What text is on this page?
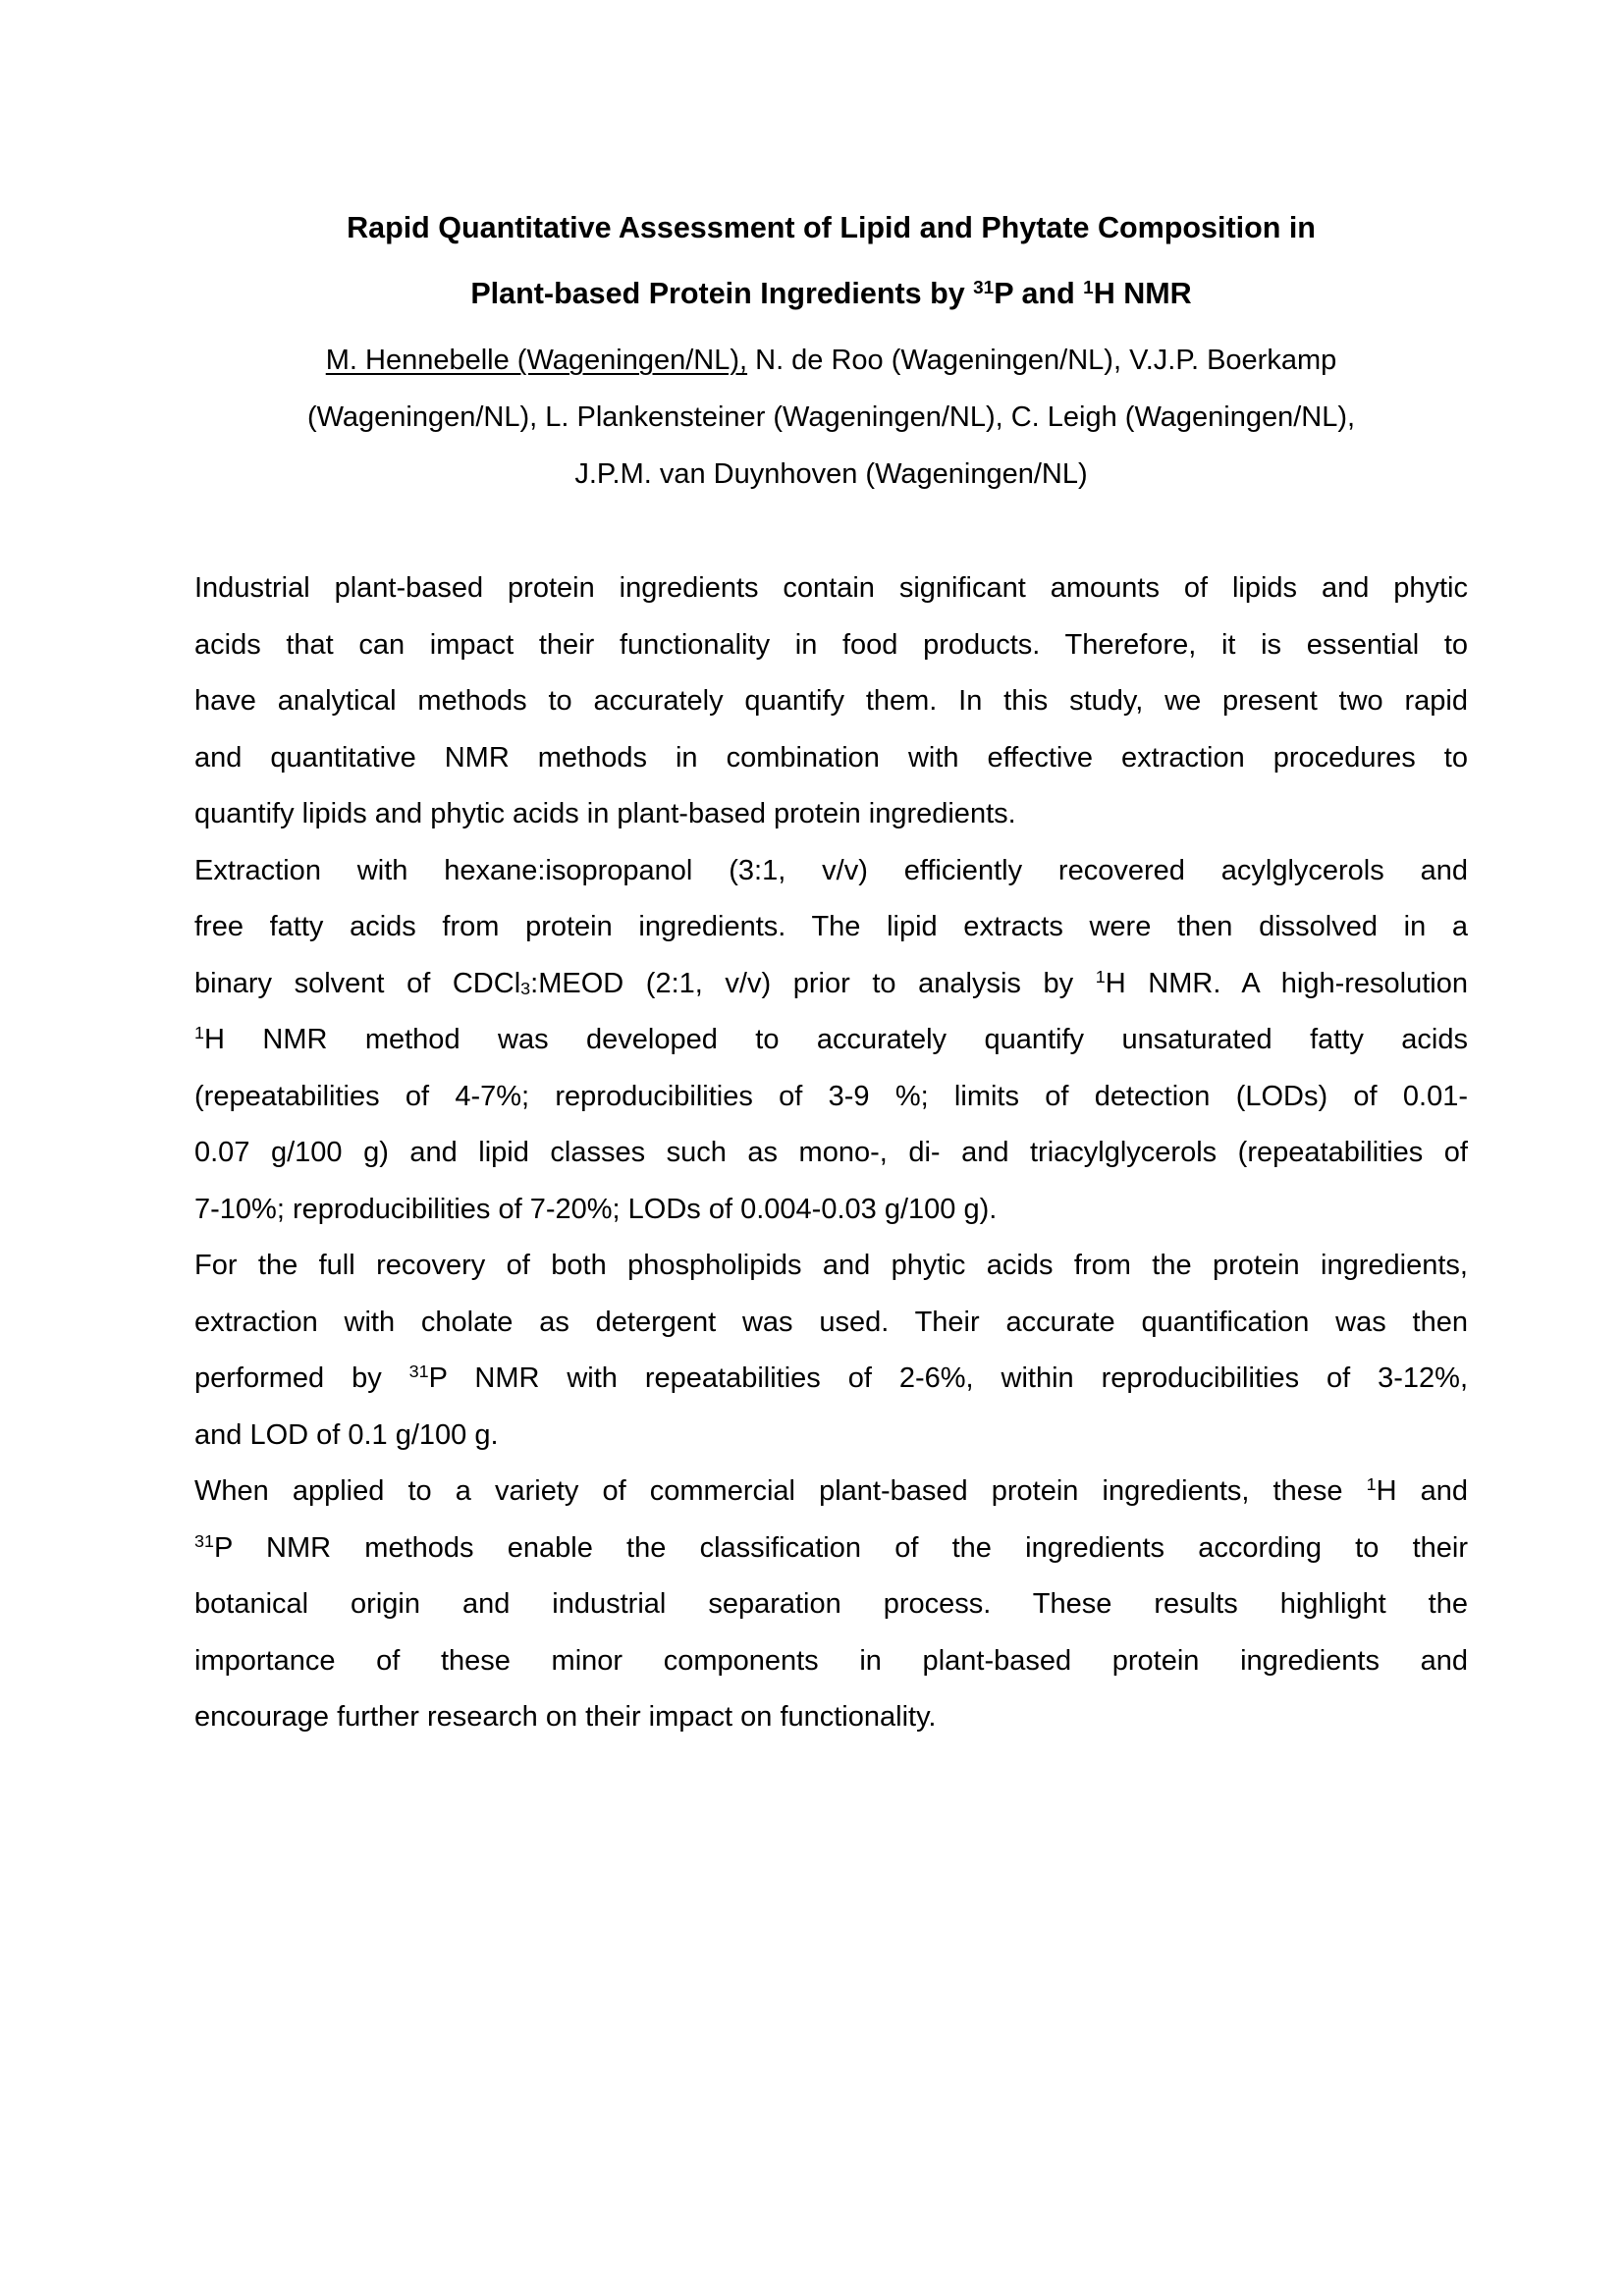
Rapid Quantitative Assessment of Lipid and Phytate Composition in
Plant-based Protein Ingredients by $^{31}$P and $^1$H NMR
M. Hennebelle (Wageningen/NL), N. de Roo (Wageningen/NL), V.J.P. Boerkamp
(Wageningen/NL), L. Plankensteiner (Wageningen/NL), C. Leigh (Wageningen/NL),
J.P.M. van Duynhoven (Wageningen/NL)
Industrial plant-based protein ingredients contain significant amounts of lipids and phytic
acids that can impact their functionality in food products. Therefore, it is essential to
have analytical methods to accurately quantify them. In this study, we present two rapid
and quantitative NMR methods in combination with effective extraction procedures to
quantify lipids and phytic acids in plant-based protein ingredients.
Extraction with hexane:isopropanol (3:1, v/v) efficiently recovered acylglycerols and
free fatty acids from protein ingredients. The lipid extracts were then dissolved in a
binary solvent of CDCl$_3$:MEOD (2:1, v/v) prior to analysis by $^1$H NMR. A high-resolution
$^1$H NMR method was developed to accurately quantify unsaturated fatty acids
(repeatabilities of 4-7%; reproducibilities of 3-9 %; limits of detection (LODs) of 0.01-
0.07 g/100 g) and lipid classes such as mono-, di- and triacylglycerols (repeatabilities of
7-10%; reproducibilities of 7-20%; LODs of 0.004-0.03 g/100 g).
For the full recovery of both phospholipids and phytic acids from the protein ingredients,
extraction with cholate as detergent was used. Their accurate quantification was then
performed by $^{31}$P NMR with repeatabilities of 2-6%, within reproducibilities of 3-12%,
and LOD of 0.1 g/100 g.
When applied to a variety of commercial plant-based protein ingredients, these $^1$H and
$^{31}$P NMR methods enable the classification of the ingredients according to their
botanical origin and industrial separation process. These results highlight the
importance of these minor components in plant-based protein ingredients and
encourage further research on their impact on functionality.
